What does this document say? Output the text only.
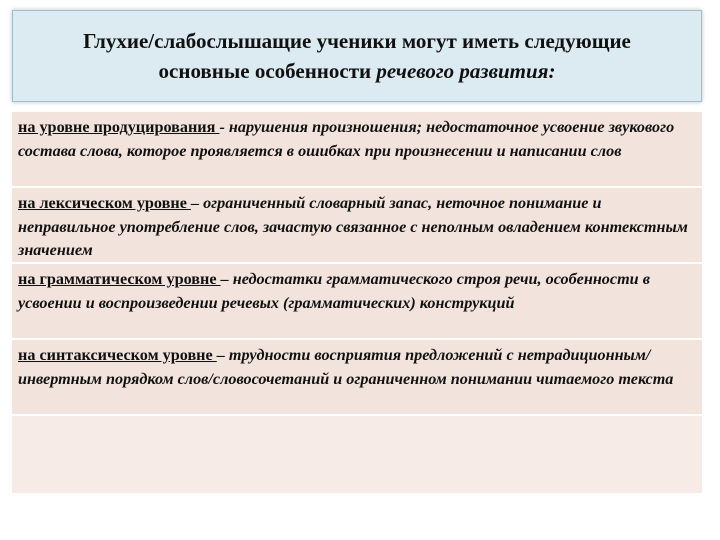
Глухие/слабослышащие ученики могут иметь следующие
основные особенности речевого развития:
на уровне продуцирования - нарушения произношения; недостаточное усвоение звукового состава слова, которое проявляется в ошибках при произнесении и написании слов
на лексическом уровне – ограниченный словарный запас, неточное понимание и неправильное употребление слов, зачастую связанное с неполным овладением контекстным значением
на грамматическом уровне – недостатки грамматического строя речи, особенности в усвоении и воспроизведении речевых (грамматических) конструкций
на синтаксическом уровне – трудности восприятия предложений с нетрадиционным/инвертным порядком слов/словосочетаний и ограниченном понимании читаемого текста
